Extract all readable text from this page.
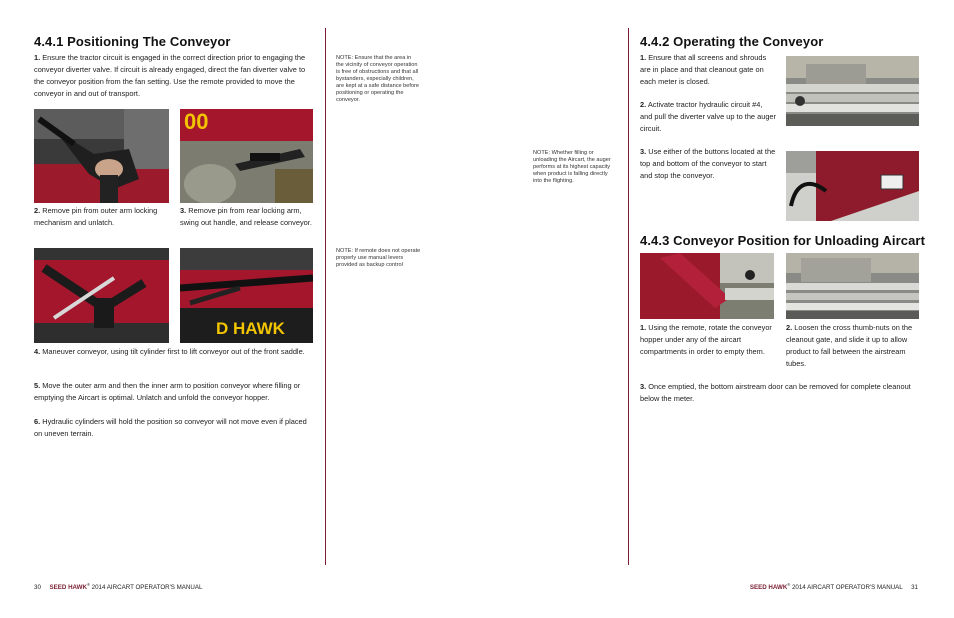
4.4.1 Positioning The Conveyor
1. Ensure the tractor circuit is engaged in the correct direction prior to engaging the conveyor diverter valve. If circuit is already engaged, direct the fan diverter valve to the conveyor position from the fan setting. Use the remote provided to move the conveyor in and out of transport.
00
2. Remove pin from outer arm locking mechanism and unlatch.
3. Remove pin from rear locking arm, swing out handle, and release conveyor.
D HAWK
4. Maneuver conveyor, using tilt cylinder first to lift conveyor out of the front saddle.
5. Move the outer arm and then the inner arm to position conveyor where filling or emptying the Aircart is optimal. Unlatch and unfold the conveyor hopper.
6. Hydraulic cylinders will hold the position so conveyor will not move even if placed on uneven terrain.
NOTE: Ensure that the area in the vicinity of conveyor operation is free of obstructions and that all bystanders, especially children, are kept at a safe distance before positioning or operating the conveyor.
NOTE: If remote does not operate properly use manual levers provided as backup control
NOTE: Whether filling or unloading the Aircart, the auger performs at its highest capacity when product is falling directly into the flighting.
30 SEED HAWK® 2014 AIRCART OPERATOR'S MANUAL
4.4.2 Operating the Conveyor
1. Ensure that all screens and shrouds are in place and that cleanout gate on each meter is closed.
2. Activate tractor hydraulic circuit #4, and pull the diverter valve up to the auger circuit.
3. Use either of the buttons located at the top and bottom of the conveyor to start and stop the conveyor.
4.4.3 Conveyor Position for Unloading Aircart
1. Using the remote, rotate the conveyor hopper under any of the aircart compartments in order to empty them.
2. Loosen the cross thumb-nuts on the cleanout gate, and slide it up to allow product to fall between the airstream tubes.
3. Once emptied, the bottom airstream door can be removed for complete cleanout below the meter.
SEED HAWK® 2014 AIRCART OPERATOR'S MANUAL 31
